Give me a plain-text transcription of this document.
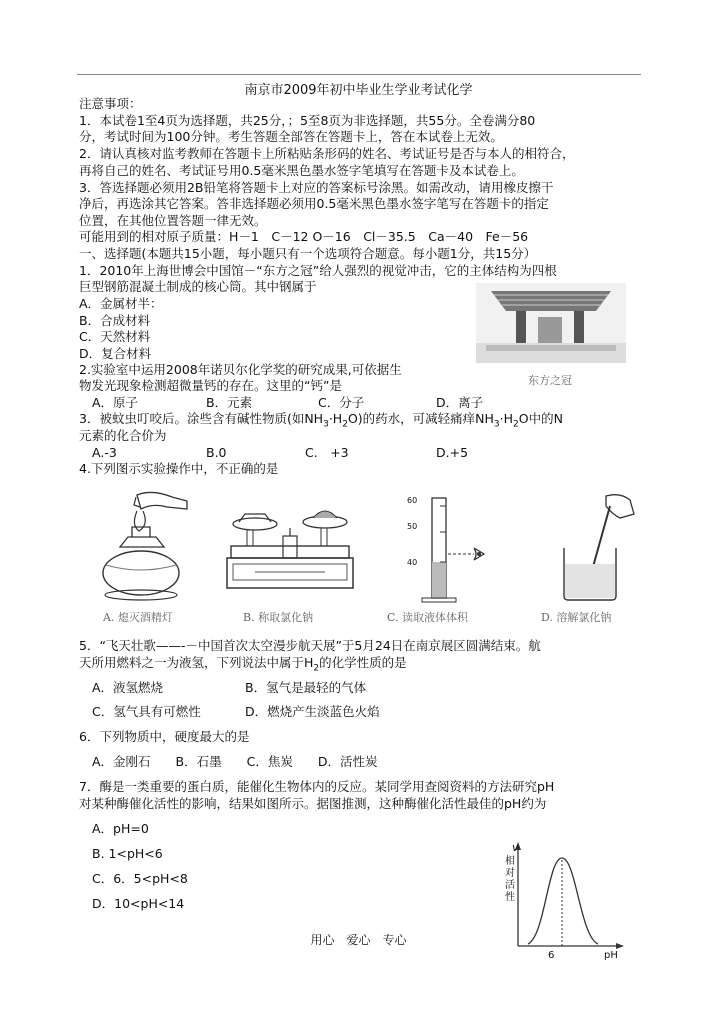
南京市2009年初中毕业生学业考试化学
注意事项：
1．本试卷1至4页为选择题，共25分，；5至8页为非选择题，共55分。全卷满分80
分，考试时间为100分钟。考生答题全部答在答题卡上，答在本试卷上无效。
2．请认真核对监考教师在答题卡上所粘贴条形码的姓名、考试证号是否与本人的相符合，
再将自己的姓名、考试证号用0.5毫米黑色墨水签字笔填写在答题卡及本试卷上。
3．答选择题必须用2B铅笔将答题卡上对应的答案标号涂黑。如需改动，请用橡皮擦干
净后，再选涂其它答案。答非选择题必须用0.5毫米黑色墨水签字笔写在答题卡的指定
位置，在其他位置答题一律无效。
可能用到的相对原子质量：H－1　C－12 O－16　Cl－35.5　Ca－40　Fe－56
一、选择题(本题共15小题，每小题只有一个选项符合题意。每小题1分，共15分）
1．2010年上海世博会中国馆－“东方之冠”给人强烈的视觉冲击，它的主体结构为四根
巨型钢筋混凝土制成的核心筒。其中钢属于
A．金属材半：
B．合成材料
C．天然材料
D．复合材料
东方之冠
2.实验室中运用2008年诺贝尔化学奖的研究成果,可依据生
物发光现象检测超微量钙的存在。这里的“钙”是
A．原子	B．元素	C．分子	D．离子
3．被蚊虫叮咬后。涂些含有碱性物质(如$NH_3\cdot H_2O$)的药水，可减轻痛痒$NH_3\cdot H_2O$中的N
元素的化合价为
A.-3	B.0	C.　+3	D.+5
4.下列图示实验操作中，不正确的是
60
50
40
A. 熄灭酒精灯	B. 称取氯化钠	C. 读取液体体积	D. 溶解氯化钠
5．“飞天壮歌——-－中国首次太空漫步航天展”于5月24日在南京展区圆满结束。航
天所用燃料之一为液氢，下列说法中属于$H_2$的化学性质的是
A．液氢燃烧	B．氢气是最轻的气体
C．氢气具有可燃性	D．燃烧产生淡蓝色火焰
6．下列物质中，硬度最大的是
A．金刚石　　B．石墨　　C．焦炭　　D．活性炭
7．酶是一类重要的蛋白质，能催化生物体内的反应。某同学用查阅资料的方法研究pH
对某种酶催化活性的影响，结果如图所示。据图推测，这种酶催化活性最佳的pH约为
A．pH=0
B. 1<pH<6
C．6．5<pH<8
D．10<pH<14
v
相对活性
6 8	pH
用心　爱心　专心
